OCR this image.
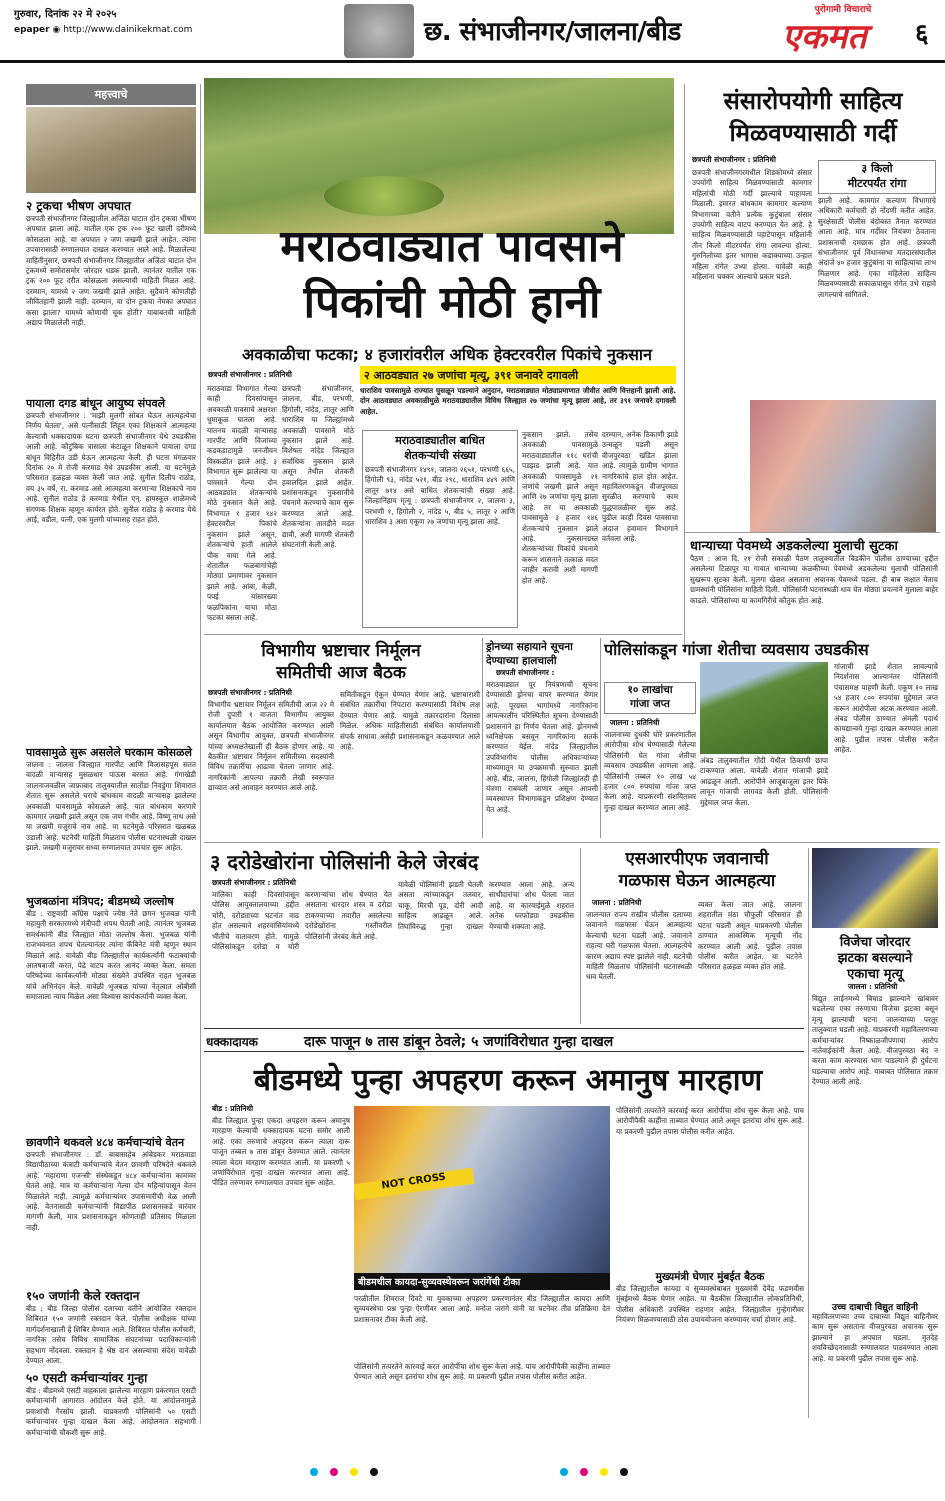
गुरुवार, दिनांक २२ मे २०२५
epaper ◉ http://www.dainikekmat.com	छ. संभाजीनगर/जालना/बीड
पुरोगामी विचाराचे
एकमत ६
महत्त्वाचे
२ ट्रकचा भीषण अपघात
छत्रपती संभाजीनगर जिल्ह्यातील अजिंठा घाटात दोन ट्रकचा भीषण अपघात झाला आहे. यातील एक ट्रक २०० फूट खाली दरीमध्ये कोसळला आहे. या अपघात २ जण जखमी झाले आहेत. त्यांना उपचारासाठी रुग्णालयात दाखल करण्यात आले आहे. मिळालेल्या माहितीनुसार, छत्रपती संभाजीनगर जिल्ह्यातील अजिंठा घाटात दोन ट्रकमध्ये समोरासमोर जोरदार धडक झाली. त्यानंतर यातील एक ट्रक २०० फूट दरीत कोसळला असल्याची माहिती मिळत आहे. दरम्यान, यामध्ये २ जण जखमी झाले आहेत. सुदैवाने कोणतीही जीवितहानी झाली नाही. दरम्यान, या दोन ट्रकचा नेमका अपघात कसा झाला? यामध्ये कोणाची चूक होती? याबाबतची माहिती अद्याप मिळालेली नाही.
पायाला दगड बांधून आयुष्य संपवले
छत्रपती संभाजीनगर : 'माझी मुलगी सोबत घेऊन आत्महत्येचा निर्णय घेतला', असे पत्नीसाठी लिहून एका शिक्षकाने आत्महत्या केल्याची धक्कादायक घटना छत्रपती संभाजीनगर येथे उघडकीस आली आहे. कौटुंबिक त्रासाला कंटाळून शिक्षकाने पायाला दगड बांधून विहिरीत उडी घेऊन आत्महत्या केली. ही घटना मंगळवार दिनांक २० मे रोजी करमाड येथे उघडकीस आली. या घटनेमुळे परिसरात हळहळ व्यक्त केली जात आहे. सुनील दिलीप राठोड, वय ३५ वर्षे, रा. करमाड असे आत्महत्या करणाऱ्या शिक्षकाचे नाव आहे. सुनील राठोड हे करमाड येथील एन्. हायस्कूल शाळेमध्ये संगणक शिक्षक म्हणून कार्यरत होते. सुनील राठोड हे करमाड येथे आई, वडील, पत्नी, एक मुलगी यांच्यासह राहत होते.
पावसामुळे सुरू असलेले घरकाम कोसळले
जालना : जालना जिल्ह्यात गारपीट आणि विजासहपूस सतत वादळी वाऱ्यासह मुसळधार पाऊस बरसत आहे. गंगाखेडी जालनाजवळील जाफ्राबाद तालुक्यातील सातोंडा निवडुंगा शिवारात शेतात सुरू असलेले घराचे बांधकाम वादळी वाऱ्यासह झालेल्या अवकाळी पावसामुळे कोसळले आहे. यात बांधकाम करणारे कामगार जखमी झाले असून एक जण गंभीर आहे. विष्णू नाथ असे या जखमी मजुराचे नाव आहे. या घटनेमुळे परिसरात खळबळ उडाली आहे. घटनेची माहिती मिळताच पोलीस घटनास्थळी दाखल झाले. जखमी मजुरावर सध्या रुग्णालयात उपचार सुरू आहेत.
भुजबळांना मंत्रिपद; बीडमध्ये जल्लोष
बीड : राष्ट्रवादी काँग्रेस पक्षाचे ज्येष्ठ नेते छगन भुजबळ यांनी महायुती सरकारमध्ये मंत्रीपदी शपथ घेतली आहे. त्यानंतर भुजबळ समर्थकांनी बीड जिल्ह्यात मोठा जल्लोष केला. भुजबळ यांनी राजभवनात शपथ घेतल्यानंतर त्यांना कॅबिनेट मंत्री म्हणून स्थान मिळाले आहे. यावेळी बीड जिल्ह्यातील कार्यकर्त्यांनी फटाक्यांची आतषबाजी करत, पेढे वाटप करत आनंद व्यक्त केला. समता परिषदेच्या कार्यकर्त्यांनी मोठ्या संख्येने उपस्थित राहत भुजबळ यांचे अभिनंदन केले. यावेळी भुजबळ यांच्या नेतृत्वात ओबीसी समाजाला न्याय मिळेल असा विश्वास कार्यकर्त्यांनी व्यक्त केला.
छावणीने थकवले ४८४ कर्मचाऱ्यांचे वेतन
छत्रपती संभाजीनगर : डॉ. बाबासाहेब आंबेडकर मराठवाडा विद्यापीठाच्या कंत्राटी कर्मचाऱ्यांचे वेतन छावणी परिषदेने थकवले आहे. 'महाराणा एजन्सी' संस्थेकडून ४८४ कर्मचाऱ्यांना कामावर घेतले आहे. मात्र या कर्मचाऱ्यांना गेल्या दोन महिन्यांपासून वेतन मिळालेले नाही. त्यामुळे कर्मचाऱ्यांवर उपासमारीची वेळ आली आहे. वेतनासाठी कर्मचाऱ्यांनी विद्यापीठ प्रशासनाकडे वारंवार मागणी केली, मात्र प्रशासनाकडून कोणताही प्रतिसाद मिळाला नाही.
१५० जणांनी केले रक्तदान
बीड : बीड जिल्हा पोलीस दलाच्या वतीने आयोजित रक्तदान शिबिरात १५० जणांनी रक्तदान केले. पोलीस अधीक्षक यांच्या मार्गदर्शनाखाली हे शिबिर घेण्यात आले. शिबिरात पोलीस कर्मचारी, नागरिक तसेच विविध सामाजिक संघटनांच्या पदाधिकाऱ्यांनी सहभाग नोंदवला. रक्तदान हे श्रेष्ठ दान असल्याचा संदेश यावेळी देण्यात आला.
५० एसटी कर्मचाऱ्यांवर गुन्हा
बीड : बीडमध्ये एसटी वाहकाला झालेल्या मारहाण प्रकरणात एसटी कर्मचाऱ्यांनी आगारात आंदोलन केले होते. या आंदोलनामुळे प्रवाशांची गैरसोय झाली. याप्रकरणी पोलिसांनी ५० एसटी कर्मचाऱ्यांवर गुन्हा दाखल केला आहे. आंदोलनात सहभागी कर्मचाऱ्यांची चौकशी सुरू आहे.
मराठवाड्यात पावसाने
पिकांची मोठी हानी
अवकाळीचा फटका; ४ हजारांवरील अधिक हेक्टरवरील पिकांचे नुकसान
छत्रपती संभाजीनगर : प्रतिनिधी	२ आठवड्यात २७ जणांचा मृत्यू, ३९१ जनावरे दगावली
धाराशिव पावसामुळे राज्यात घुसळून पडल्याने अनुदान, मराठवाड्यात मोठ्याप्रमाणात जीवीत आणि वित्तहानी झाली आहे. दोन आठवड्यात अवकाळीमुळे मराठवाड्यातील विविध जिल्ह्यात २७ जणांचा मृत्यू झाला आहे, तर ३९१ जनावरे दगावली आहेत.
मराठवाडा विभागात गेल्या काही दिवसांपासून अवकाळी पावसाचे अक्षरशः धुमाकूळ घातला आहे. यातनच वादळी वाऱ्यासह गारपीट आणि विजांच्या कडकडाटामुळे जनजीवन विस्कळीत झाले आहे. ३ विभागात सुरू झालेल्या या पावसाने गेल्या दोन आठवड्यांत शेतकऱ्यांचे मोठे नुकसान केले आहे. विभागात १ हजार १४२ हेक्टरवरील पिकांचे नुकसान झाले असून, शेतकऱ्यांचे हाती आलेले पीक वाया गेले आहे. शेतातील फळबागांचेही मोठ्या प्रमाणावर नुकसान झाले आहे. आंबा, केळी, पपई यांसारख्या फळपिकांना याचा मोठा फटका बसला आहे.
छत्रपती संभाजीनगर, जालना, बीड, परभणी, हिंगोली, नांदेड, लातूर आणि धाराशिव या जिल्ह्यांमध्ये अवकाळी पावसाने मोठे नुकसान झाले आहे. विशेषतः नांदेड जिल्ह्यात सर्वाधिक नुकसान झाले असून तेथील शेतकरी हवालदिल झाले आहेत. प्रशासनाकडून नुकसानीचे पंचनामे करण्याचे काम सुरू करण्यात आले आहे. शेतकऱ्यांना तातडीने मदत द्यावी, अशी मागणी शेतकरी संघटनांनी केली आहे.
मराठवाड्यातील बाधित
शेतकऱ्यांची संख्या
छत्रपती संभाजीनगर १४९१, जालना २६५१, परभणी ६६५, हिंगोली ९३, नांदेड ५२१, बीड २९८, धाराशिव ४४९ आणि लातूर ७१४ असे बाधित शेतकऱ्यांची संख्या आहे. जिल्हानिहाय मृत्यू : छत्रपती संभाजीनगर २, जालना ३, परभणी १, हिंगोली २, नांदेड ५, बीड ५, लातूर २ आणि धाराशिव ३ अशा एकूण २७ जणांचा मृत्यू झाला आहे.
नुकसान झाले. तसेच अवकाळी पावसामुळे मराठवाड्यातील ११८ घरांची पडझड झाली आहे. यात अवकाळी पावसामुळे २१ जणांचे जखमी झाले असून आणि २७ जणांचा मृत्यू झाला आहे. तर या अवकाळी पावसामुळे ३ हजार १४६ शेतकऱ्यांचे नुकसान झाले आहे. नुकसानग्रस्त शेतकऱ्यांच्या पिकांचे पंचनामे करून शासनाने तत्काळ मदत जाहीर करावी अशी मागणी होत आहे.
दरम्यान, अनेक ठिकाणी झाडे उन्मळून पडली असून वीजपुरवठा खंडित झाला आहे. त्यामुळे ग्रामीण भागात नागरिकांचे हाल होत आहेत. महावितरणकडून वीजपुरवठा सुरळीत करण्याचे काम युद्धपातळीवर सुरू आहे. पुढील काही दिवस पावसाचा अंदाज हवामान विभागाने वर्तवला आहे.
संसारोपयोगी साहित्य
मिळवण्यासाठी गर्दी
छत्रपती संभाजीनगर : प्रतिनिधी
छत्रपती संभाजीनगरमधील शिडकोमध्ये संसार उपयोगी साहित्य मिळवण्यासाठी कामगार महिलांची मोठी गर्दी झाल्याचे पाहायला मिळाली. इमारत बांधकाम कामगार कल्याण विभागाच्या वतीने प्रत्येक कुटुंबाला संसार उपयोगी साहित्य वाटप करण्यात येत आहे. हे साहित्य मिळवण्यासाठी पहाटेपासून महिलांनी तीन किलो मीटरपर्यंत रांगा लावल्या होत्या. गुरुनिलोच्या इतर भागास कडाक्याच्या उन्हात महिला रांगेत उभ्या होत्या. यावेळी काही महिलांना चक्कर आल्याचे प्रकार घडले.
३ किलो
मीटरपर्यंत रांगा
झाली आहे. कामगार कल्याण विभागाचे अधिकारी कर्मचारी हो नोंदणी करीत आहेत. सुरक्षेसाठी पोलीस बंदोबस्त तैनात करण्यात आला आहे. मात्र गर्दीवर नियंत्रण ठेवताना प्रशासनाची दमछाक होत आहे. छत्रपती संभाजीनगर पूर्व विधानसभा मतदारसंघातील अंदाजे ४० हजार कुटुंबांना या साहित्याचा लाभ मिळणार आहे. एका महिलेला साहित्य मिळवण्यासाठी सकाळपासून रांगेत उभे राहावे लागल्याचे सांगितले.
धान्याच्या पेवमध्ये अडकलेल्या मुलाची सुटका
पैठण : आज दि. २१ रोजी सकाळी पैठण तालुक्यातील बिडकीन पोलीस ठाण्याच्या हद्दीत असलेल्या टिळापूर या गावात धान्याच्या कळकीच्या पेवमध्ये अडकलेल्या मुलाची पोलिसांनी सुखरूप सुटका केली. मुलगा खेळत असताना अचानक पेवमध्ये पडला. ही बाब लक्षात येताच ग्रामस्थांनी पोलिसांना माहिती दिली. पोलिसांनी घटनास्थळी धाव घेत मोठ्या प्रयत्नाने मुलाला बाहेर काढले. पोलिसांच्या या कामगिरीचे कौतुक होत आहे.
विभागीय भ्रष्टाचार निर्मूलन
समितीची आज बैठक
छत्रपती संभाजीनगर : प्रतिनिधी
विभागीय भ्रष्टाचार निर्मूलन समितीची आज २२ मे रोजी दुपारी १ वाजता विभागीय आयुक्त कार्यालयात बैठक आयोजित करण्यात आली असून विभागीय आयुक्त, छत्रपती संभाजीनगर यांच्या अध्यक्षतेखाली ही बैठक होणार आहे. या बैठकीत भ्रष्टाचार निर्मूलन समितीच्या सदस्यांनी विविध तक्रारींचा आढावा घेतला जाणार आहे. नागरिकांनी आपल्या तक्रारी लेखी स्वरूपात द्याव्यात असे आवाहन करण्यात आले आहे.
समितीकडून ऐकून घेण्यात येणार आहे. भ्रष्टाचाराशी संबंधित तक्रारींचा निपटारा करण्यासाठी विशेष लक्ष देण्यात येणार आहे. यामुळे तक्रारदारांना दिलासा मिळेल. अधिक माहितीसाठी संबंधित कार्यालयाशी संपर्क साधावा असेही प्रशासनाकडून कळवण्यात आले आहे.
ड्रोनच्या सहायाने सूचना
देण्याच्या हालचाली
छत्रपती संभाजीनगर :
मराठवाड्यात पूर नियंत्रणाची सूचना देण्यासाठी ड्रोनचा वापर करण्यात येणार आहे. पूरग्रस्त भागांमध्ये नागरिकांना आपत्कालीन परिस्थितीत सूचना देण्यासाठी प्रशासनाने हा निर्णय घेतला आहे. ड्रोनमध्ये ध्वनिक्षेपक बसवून नागरिकांना सतर्क करण्यात येईल. नांदेड जिल्ह्यातील उपविभागीय पोलीस अधिकाऱ्यांच्या माध्यमातून या उपक्रमाची सुरुवात झाली आहे. बीड, जालना, हिंगोली जिल्ह्यांतही ही यंत्रणा राबवली जाणार असून आपत्ती व्यवस्थापन विभागाकडून प्रशिक्षण देण्यात येत आहे.
पोलिसांकडून गांजा शेतीचा व्यवसाय उघडकीस
१० लाखांचा
गांजा जप्त
जालना : प्रतिनिधी
जालनाच्या दुधकी घोरे प्रकरणातील आरोपीचा शोध घेण्यासाठी गेलेल्या पोलिसांनी घेत गांजा शेतीचा व्यवसाय उघडकीस आणला आहे. पोलिसांनी तब्बल १० लाख ५४ हजार ८०० रुपयांचा गांजा जप्त केला आहे. याप्रकरणी संशयितावर गुन्हा दाखल करण्यात आला आहे.
अंबड तालुक्यातील गोंदी येथील ठिकाणी छापा टाकण्यात आला. यावेळी शेतात गांजाची झाडे आढळून आली. आरोपीने आजूबाजूला इतर पिके लावून गांजाची लागवड केली होती. पोलिसांनी मुद्देमाल जप्त केला.
गांजाची झाडे शेतात लावल्याचे निदर्शनास आल्यानंतर पोलिसांनी पंचासमक्ष पाहणी केली. एकूण १० लाख ५४ हजार ८०० रुपयांचा मुद्देमाल जप्त करून आरोपीला अटक करण्यात आली. अंबड पोलीस ठाण्यात अंमली पदार्थ कायद्यान्वये गुन्हा दाखल करण्यात आला आहे. पुढील तपास पोलीस करीत आहेत.
३ दरोडेखोरांना पोलिसांनी केले जेरबंद
छत्रपती संभाजीनगर : प्रतिनिधी
मालिका काही दिवसांपासून पोलिस आयुक्तालयाच्या हद्दीत चोरी, दरोड्याच्या घटनांत वाढ होत असल्याने शहरवासियांमध्ये भीतीचे वातावरण होते. यामुळे पोलिसांकडून दरोडा व चोरी करणाऱ्यांचा शोध घेण्यात येत असताना धारदार शस्त्र व दरोडा टाकण्याच्या तयारीत असलेल्या दरोडेखोरांना गस्तीवरील पोलिसांनी जेरबंद केले आहे.
यावेळी पोलिसांनी झडती घेतली असता त्यांच्याकडून तलवार, चाकू, मिरची पूड, दोरी आदी साहित्य आढळून आले. तिघांविरुद्ध गुन्हा दाखल करण्यात आला आहे. अन्य साथीदारांचा शोध घेतला जात आहे. या कारवाईमुळे शहरात अनेक घरफोड्या उघडकीस येण्याची शक्यता आहे.
एसआरपीएफ जवानाची
गळफास घेऊन आत्महत्या
जालना : प्रतिनिधी
जालन्यात राज्य राखीव पोलीस दलाच्या जवानाने गळफास घेऊन आत्महत्या केल्याची घटना घडली आहे. जवानाने राहत्या घरी गळफास घेतला. आत्महत्येचे कारण अद्याप स्पष्ट झालेले नाही. घटनेची माहिती मिळताच पोलिसांनी घटनास्थळी धाव घेतली.
व्यक्त केला जात आहे. जालना शहरातील मंठा चौफुली परिसरात ही घटना घडली असून याप्रकरणी पोलीस ठाण्यात आकस्मिक मृत्यूची नोंद करण्यात आली आहे. पुढील तपास पोलीस करीत आहेत. या घटनेने परिसरात हळहळ व्यक्त होत आहे.
विजेचा जोरदार
झटका बसल्याने
एकाचा मृत्यू
जालना : प्रतिनिधी
विद्युत लाईनमध्ये बिघाड झाल्याने खांबावर चढलेल्या एका तरुणाचा विजेचा झटका बसून मृत्यू झाल्याची घटना जालन्याच्या परतूर तालुक्यात घडली आहे. याप्रकरणी महावितरणच्या कर्मचाऱ्यांवर निष्काळजीपणाचा आरोप नातेवाईकांनी केला आहे. वीजपुरवठा बंद न करता काम करण्यास भाग पाडल्याने ही दुर्घटना घडल्याचा आरोप आहे. याबाबत पोलिसात तक्रार देण्यात आली आहे.
उच्च दाबाची विद्युत वाहिनी
महावितरणच्या उच्च दाबाच्या विद्युत वाहिनीवर काम सुरू असताना वीजपुरवठा अचानक सुरू झाल्याने हा अपघात घडला. मृतदेह शवविच्छेदनासाठी रुग्णालयात पाठवण्यात आला आहे. या प्रकरणी पुढील तपास सुरू आहे.
धक्कादायक	दारू पाजून ७ तास डांबून ठेवले; ५ जणांविरोधात गुन्हा दाखल
बीडमध्ये पुन्हा अपहरण करून अमानुष मारहाण
बीड : प्रतिनिधी
बीड जिल्ह्यात पुन्हा एकदा अपहरण करून अमानुष मारहाण केल्याची धक्कादायक घटना समोर आली आहे. एका तरुणाचे अपहरण करून त्याला दारू पाजून तब्बल ७ तास डांबून ठेवण्यात आले. त्यानंतर त्याला बेदम मारहाण करण्यात आली. या प्रकरणी ५ जणांविरोधात गुन्हा दाखल करण्यात आला आहे. पीडित तरुणावर रुग्णालयात उपचार सुरू आहेत.	NOT CROSS
बीडमधील कायदा-सुव्यवस्थेवरून जरांगेंची टीका
परळीतील शिवराज दिवटे या युवकाच्या अपहरण प्रकरणानंतर बीड जिल्ह्यातील कायदा आणि सुव्यवस्थेचा प्रश्न पुन्हा ऐरणीवर आला आहे. मनोज जरांगे यांनी या घटनेवर तीव्र प्रतिक्रिया देत प्रशासनावर टीका केली आहे.
पोलिसांनी तत्परतेने कारवाई करत आरोपींचा शोध सुरू केला आहे. पाच आरोपींपैकी काहींना ताब्यात घेण्यात आले असून इतरांचा शोध सुरू आहे. या प्रकरणी पुढील तपास पोलीस करीत आहेत.
पोलिसांनी तत्परतेने कारवाई करत आरोपींचा शोध सुरू केला आहे. पाच आरोपींपैकी काहींना ताब्यात घेण्यात आले असून इतरांचा शोध सुरू आहे. या प्रकरणी पुढील तपास पोलीस करीत आहेत.
मुख्यमंत्री घेणार मुंबईत बैठक
बीड जिल्ह्यातील कायदा व सुव्यवस्थेबाबत मुख्यमंत्री देवेंद्र फडणवीस मुंबईमध्ये बैठक घेणार आहेत. या बैठकीस जिल्ह्यातील लोकप्रतिनिधी, पोलीस अधिकारी उपस्थित राहणार आहेत. जिल्ह्यातील गुन्हेगारीवर नियंत्रण मिळवण्यासाठी ठोस उपाययोजना करण्यावर चर्चा होणार आहे.
